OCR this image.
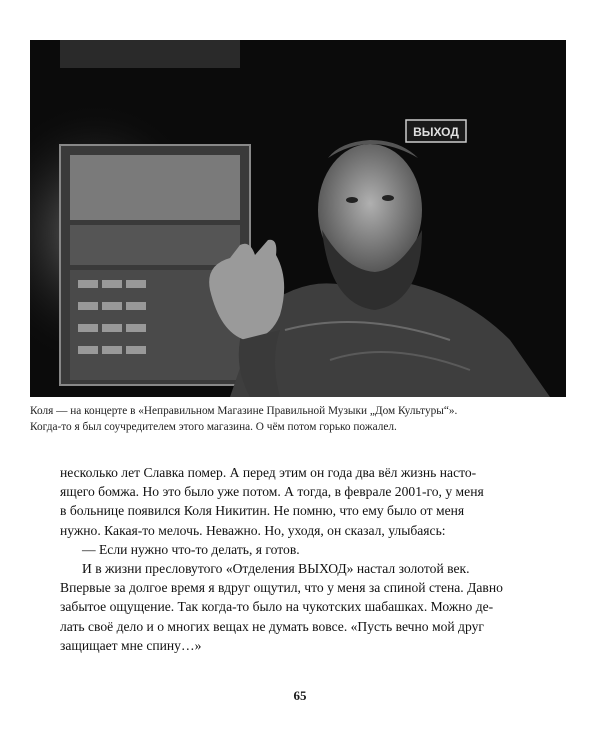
ВЫХОД
Коля — на концерте в «Неправильном Магазине Правильной Музыки „Дом Культуры“».
Когда-то я был соучредителем этого магазина. О чём потом горько пожалел.
несколько лет Славка помер. А перед этим он года два вёл жизнь насто-
ящего бомжа. Но это было уже потом. А тогда, в феврале 2001-го, у меня
в больнице появился Коля Никитин. Не помню, что ему было от меня
нужно. Какая-то мелочь. Неважно. Но, уходя, он сказал, улыбаясь:
— Если нужно что-то делать, я готов.
И в жизни пресловутого «Отделения ВЫХОД» настал золотой век.
Впервые за долгое время я вдруг ощутил, что у меня за спиной стена. Давно
забытое ощущение. Так когда-то было на чукотских шабашках. Можно де-
лать своё дело и о многих вещах не думать вовсе. «Пусть вечно мой друг
защищает мне спину…»
65
